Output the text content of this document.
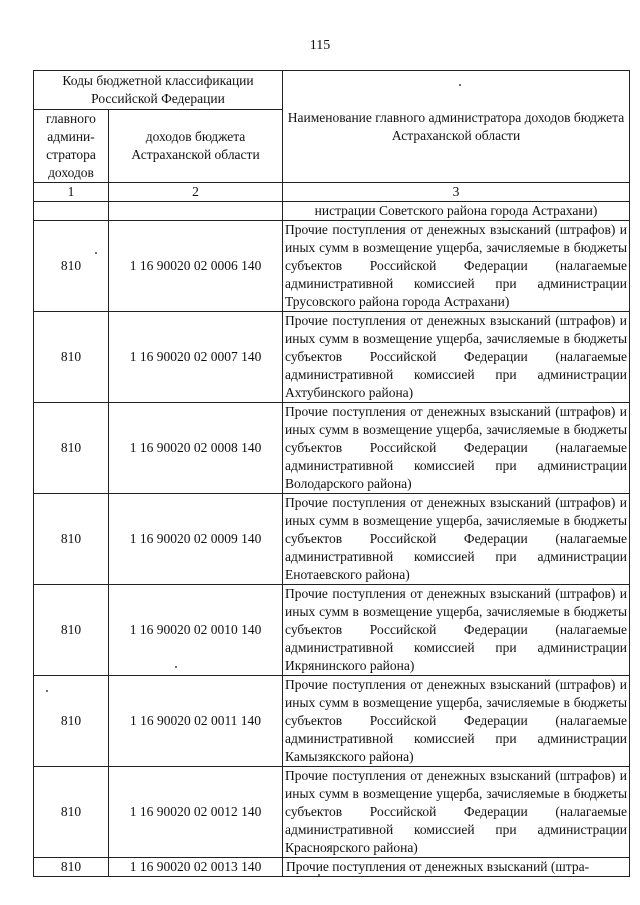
115
Коды бюджетной классификации Российской Федерации		Наименование главного администратора доходов бюджета Астраханской области
главного админи- стратора доходов	доходов бюджета Астраханской области	
1	2	3
		нистрации Советского района города Астрахани)
810	1 16 90020 02 0006 140	Прочие поступления от денежных взысканий (штрафов) и иных сумм в возмещение ущерба, зачисляемые в бюджеты субъектов Российской Федерации (налагаемые административной комиссией при администрации Трусовского района города Астрахани)
810	1 16 90020 02 0007 140	Прочие поступления от денежных взысканий (штрафов) и иных сумм в возмещение ущерба, зачисляемые в бюджеты субъектов Российской Федерации (налагаемые административной комиссией при администрации Ахтубинского района)
810	1 16 90020 02 0008 140	Прочие поступления от денежных взысканий (штрафов) и иных сумм в возмещение ущерба, зачисляемые в бюджеты субъектов Российской Федерации (налагаемые административной комиссией при администрации Володарского района)
810	1 16 90020 02 0009 140	Прочие поступления от денежных взысканий (штрафов) и иных сумм в возмещение ущерба, зачисляемые в бюджеты субъектов Российской Федерации (налагаемые административной комиссией при администрации Енотаевского района)
810	1 16 90020 02 0010 140	Прочие поступления от денежных взысканий (штрафов) и иных сумм в возмещение ущерба, зачисляемые в бюджеты субъектов Российской Федерации (налагаемые административной комиссией при администрации Икрянинского района)
810	1 16 90020 02 0011 140	Прочие поступления от денежных взысканий (штрафов) и иных сумм в возмещение ущерба, зачисляемые в бюджеты субъектов Российской Федерации (налагаемые административной комиссией при администрации Камызякского района)
810	1 16 90020 02 0012 140	Прочие поступления от денежных взысканий (штрафов) и иных сумм в возмещение ущерба, зачисляемые в бюджеты субъектов Российской Федерации (налагаемые административной комиссией при администрации Красноярского района)
810	1 16 90020 02 0013 140	Прочие поступления от денежных взысканий (штра-
